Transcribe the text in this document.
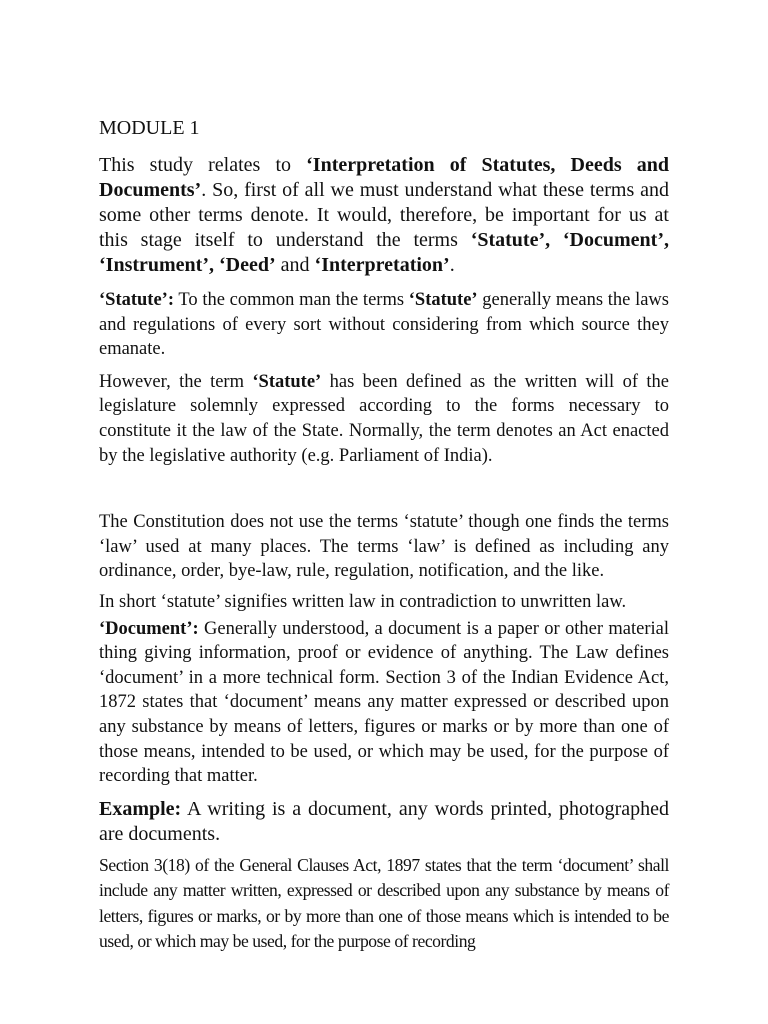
MODULE 1

This study relates to ‘Interpretation of Statutes, Deeds and Documents’. So, first of all we must understand what these terms and some other terms denote. It would, therefore, be important for us at this stage itself to understand the terms ‘Statute’, ‘Document’, ‘Instrument’, ‘Deed’ and ‘Interpretation’.

‘Statute’: To the common man the terms ‘Statute’ generally means the laws and regulations of every sort without considering from which source they emanate.

However, the term ‘Statute’ has been defined as the written will of the legislature solemnly expressed according to the forms necessary to constitute it the law of the State. Normally, the term denotes an Act enacted by the legislative authority (e.g. Parliament of India).

The Constitution does not use the terms ‘statute’ though one finds the terms ‘law’ used at many places. The terms ‘law’ is defined as including any ordinance, order, bye-law, rule, regulation, notification, and the like.

In short ‘statute’ signifies written law in contradiction to unwritten law.

‘Document’: Generally understood, a document is a paper or other material thing giving information, proof or evidence of anything. The Law defines ‘document’ in a more technical form. Section 3 of the Indian Evidence Act, 1872 states that ‘document’ means any matter expressed or described upon any substance by means of letters, figures or marks or by more than one of those means, intended to be used, or which may be used, for the purpose of recording that matter.

Example: A writing is a document, any words printed, photographed are documents.

Section 3(18) of the General Clauses Act, 1897 states that the term ‘document’ shall include any matter written, expressed or described upon any substance by means of letters, figures or marks, or by more than one of those means which is intended to be used, or which may be used, for the purpose of recording
